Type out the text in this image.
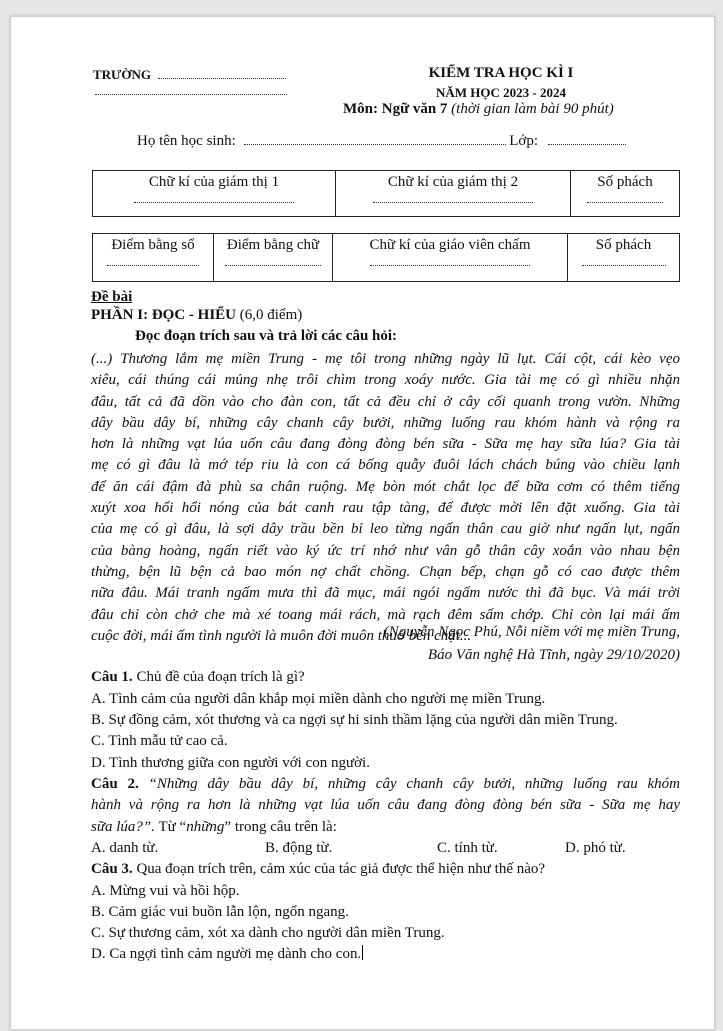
TRƯỜNG	KIỂM TRA HỌC KÌ I
NĂM HỌC 2023 - 2024
Môn: Ngữ văn 7 (thời gian làm bài 90 phút)
Họ tên học sinh:	Lớp:
Chữ kí của giám thị 1	Chữ kí của giám thị 2	Số phách
Điểm bằng số	Điểm bằng chữ	Chữ kí của giáo viên chấm	Số phách
Đề bài
PHẦN I: ĐỌC - HIỂU (6,0 điểm)
Đọc đoạn trích sau và trả lời các câu hỏi:
(...) Thương lắm mẹ miền Trung - mẹ tôi trong những ngày lũ lụt. Cái cột, cái kèo vẹo
xiêu, cái thúng cái mủng nhẹ trôi chìm trong xoáy nước. Gia tài mẹ có gì nhiều nhặn
đâu, tất cả đã dồn vào cho đàn con, tất cả đều chỉ ở cây cối quanh trong vườn. Những
dây bầu dây bí, những cây chanh cây bưởi, những luống rau khóm hành và rộng ra
hơn là những vạt lúa uốn câu đang đòng đòng bén sữa - Sữa mẹ hay sữa lúa? Gia tài
mẹ có gì đâu là mớ tép riu là con cá bống quẫy đuôi lách chách búng vào chiều lạnh
để ăn cái đậm đà phù sa chân ruộng. Mẹ bòn mót chắt lọc để bữa cơm có thêm tiếng
xuýt xoa hổi hổi nóng của bát canh rau tập tàng, để được mời lên đặt xuống. Gia tài
của mẹ có gì đâu, là sợi dây trầu bền bỉ leo từng ngấn thân cau giờ như ngấn lụt, ngấn
của bàng hoàng, ngấn riết vào ký ức trí nhớ như vân gỗ thân cây xoắn vào nhau bện
thừng, bện lũ bện cả bao món nợ chất chồng. Chạn bếp, chạn gỗ có cao được thêm
nữa đâu. Mái tranh ngấm mưa thì đã mục, mái ngói ngấm nước thì đã bục. Và mái trời
đâu chỉ còn chở che mà xé toang mái rách, mà rạch đêm sấm chớp. Chỉ còn lại mái ấm
cuộc đời, mái ấm tình người là muôn đời muôn thuở bền chặt...
(Nguyễn Ngọc Phú, Nỗi niềm với mẹ miền Trung,
Báo Văn nghệ Hà Tĩnh, ngày 29/10/2020)
Câu 1. Chủ đề của đoạn trích là gì?
A. Tình cảm của người dân khắp mọi miền dành cho người mẹ miền Trung.
B. Sự đồng cảm, xót thương và ca ngợi sự hi sinh thầm lặng của người dân miền Trung.
C. Tình mẫu tử cao cả.
D. Tình thương giữa con người với con người.
Câu 2. “Những dây bầu dây bí, những cây chanh cây bưởi, những luống rau khóm
hành và rộng ra hơn là những vạt lúa uốn câu đang đòng đòng bén sữa - Sữa mẹ hay
sữa lúa?”. Từ “những” trong câu trên là:
A. danh từ.	B. động từ.	C. tính từ.	D. phó từ.
Câu 3. Qua đoạn trích trên, cảm xúc của tác giả được thể hiện như thế nào?
A. Mừng vui và hồi hộp.
B. Cảm giác vui buồn lẫn lộn, ngổn ngang.
C. Sự thương cảm, xót xa dành cho người dân miền Trung.
D. Ca ngợi tình cảm người mẹ dành cho con.
